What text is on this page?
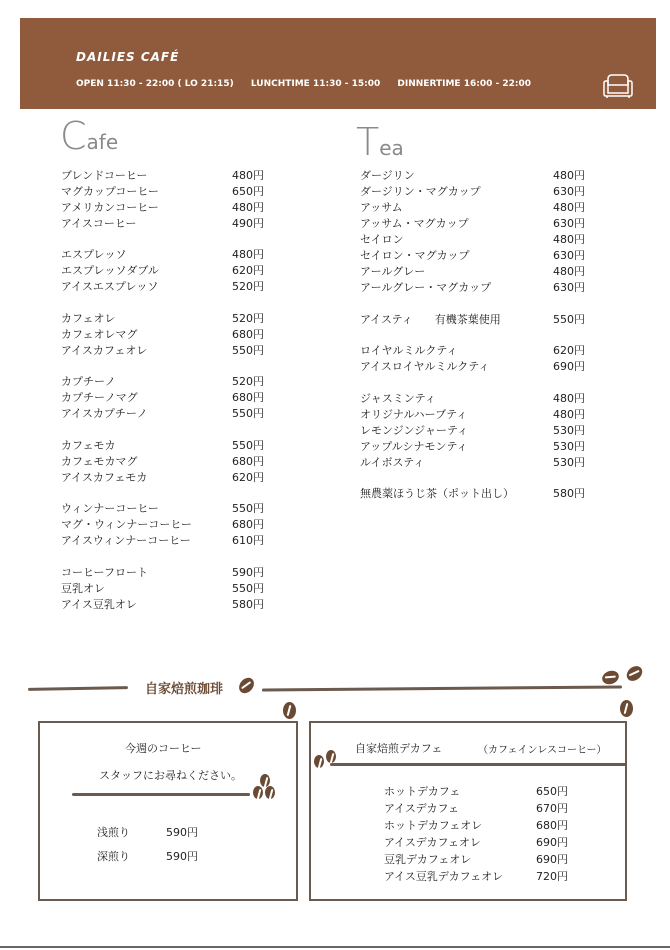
DAILIES CAFÉ
OPEN 11:30 - 22:00 ( LO 21:15) LUNCHTIME 11:30 - 15:00 DINNERTIME 16:00 - 22:00
Cafe	Tea
ブレンドコーヒー	480円
マグカップコーヒー	650円
アメリカンコーヒー	480円
アイスコーヒー	490円
エスプレッソ	480円
エスプレッソダブル	620円
アイスエスプレッソ	520円
カフェオレ	520円
カフェオレマグ	680円
アイスカフェオレ	550円
カプチーノ	520円
カプチーノマグ	680円
アイスカプチーノ	550円
カフェモカ	550円
カフェモカマグ	680円
アイスカフェモカ	620円
ウィンナーコーヒー	550円
マグ・ウィンナーコーヒー	680円
アイスウィンナーコーヒー	610円
コーヒーフロート	590円
豆乳オレ	550円
アイス豆乳オレ	580円
ダージリン	480円
ダージリン・マグカップ	630円
アッサム	480円
アッサム・マグカップ	630円
セイロン	480円
セイロン・マグカップ	630円
アールグレー	480円
アールグレー・マグカップ	630円
アイスティ　　有機茶葉使用	550円
ロイヤルミルクティ	620円
アイスロイヤルミルクティ	690円
ジャスミンティ	480円
オリジナルハーブティ	480円
レモンジンジャーティ	530円
アップルシナモンティ	530円
ルイボスティ	530円
無農薬ほうじ茶（ポット出し）	580円
自家焙煎珈琲
今週のコーヒー
スタッフにお尋ねください。
浅煎り	590円
深煎り	590円
自家焙煎デカフェ	（カフェインレスコーヒー）
ホットデカフェ	650円
アイスデカフェ	670円
ホットデカフェオレ	680円
アイスデカフェオレ	690円
豆乳デカフェオレ	690円
アイス豆乳デカフェオレ	720円
